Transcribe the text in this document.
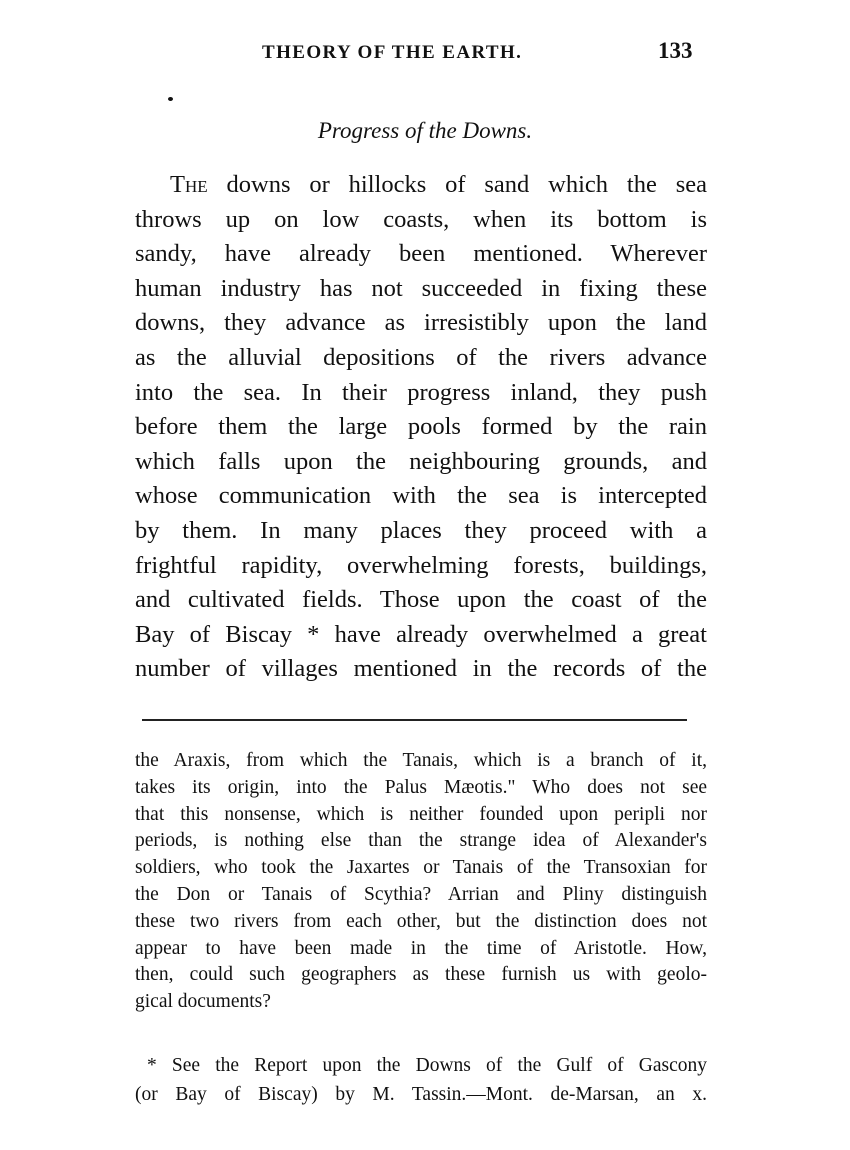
THEORY OF THE EARTH.	133
Progress of the Downs.
The downs or hillocks of sand which the sea
throws up on low coasts, when its bottom is
sandy, have already been mentioned. Wherever
human industry has not succeeded in fixing these
downs, they advance as irresistibly upon the land
as the alluvial depositions of the rivers advance
into the sea. In their progress inland, they push
before them the large pools formed by the rain
which falls upon the neighbouring grounds, and
whose communication with the sea is intercepted
by them. In many places they proceed with a
frightful rapidity, overwhelming forests, buildings,
and cultivated fields. Those upon the coast of the
Bay of Biscay * have already overwhelmed a great
number of villages mentioned in the records of the
the Araxis, from which the Tanais, which is a branch of it,
takes its origin, into the Palus Mæotis." Who does not see
that this nonsense, which is neither founded upon peripli nor
periods, is nothing else than the strange idea of Alexander's
soldiers, who took the Jaxartes or Tanais of the Transoxian for
the Don or Tanais of Scythia? Arrian and Pliny distinguish
these two rivers from each other, but the distinction does not
appear to have been made in the time of Aristotle. How,
then, could such geographers as these furnish us with geolo-
gical documents?
* See the Report upon the Downs of the Gulf of Gascony
(or Bay of Biscay) by M. Tassin.—Mont. de-Marsan, an x.
